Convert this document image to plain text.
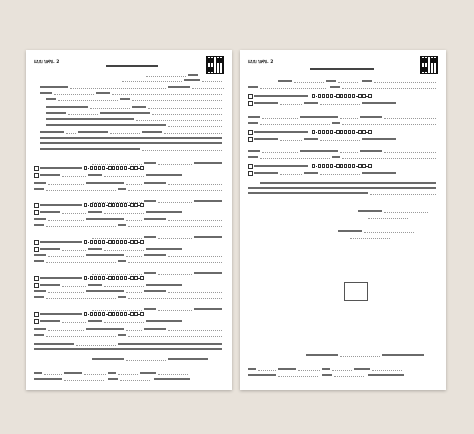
แบบ บศข. 2	แบบ บศข. 2
